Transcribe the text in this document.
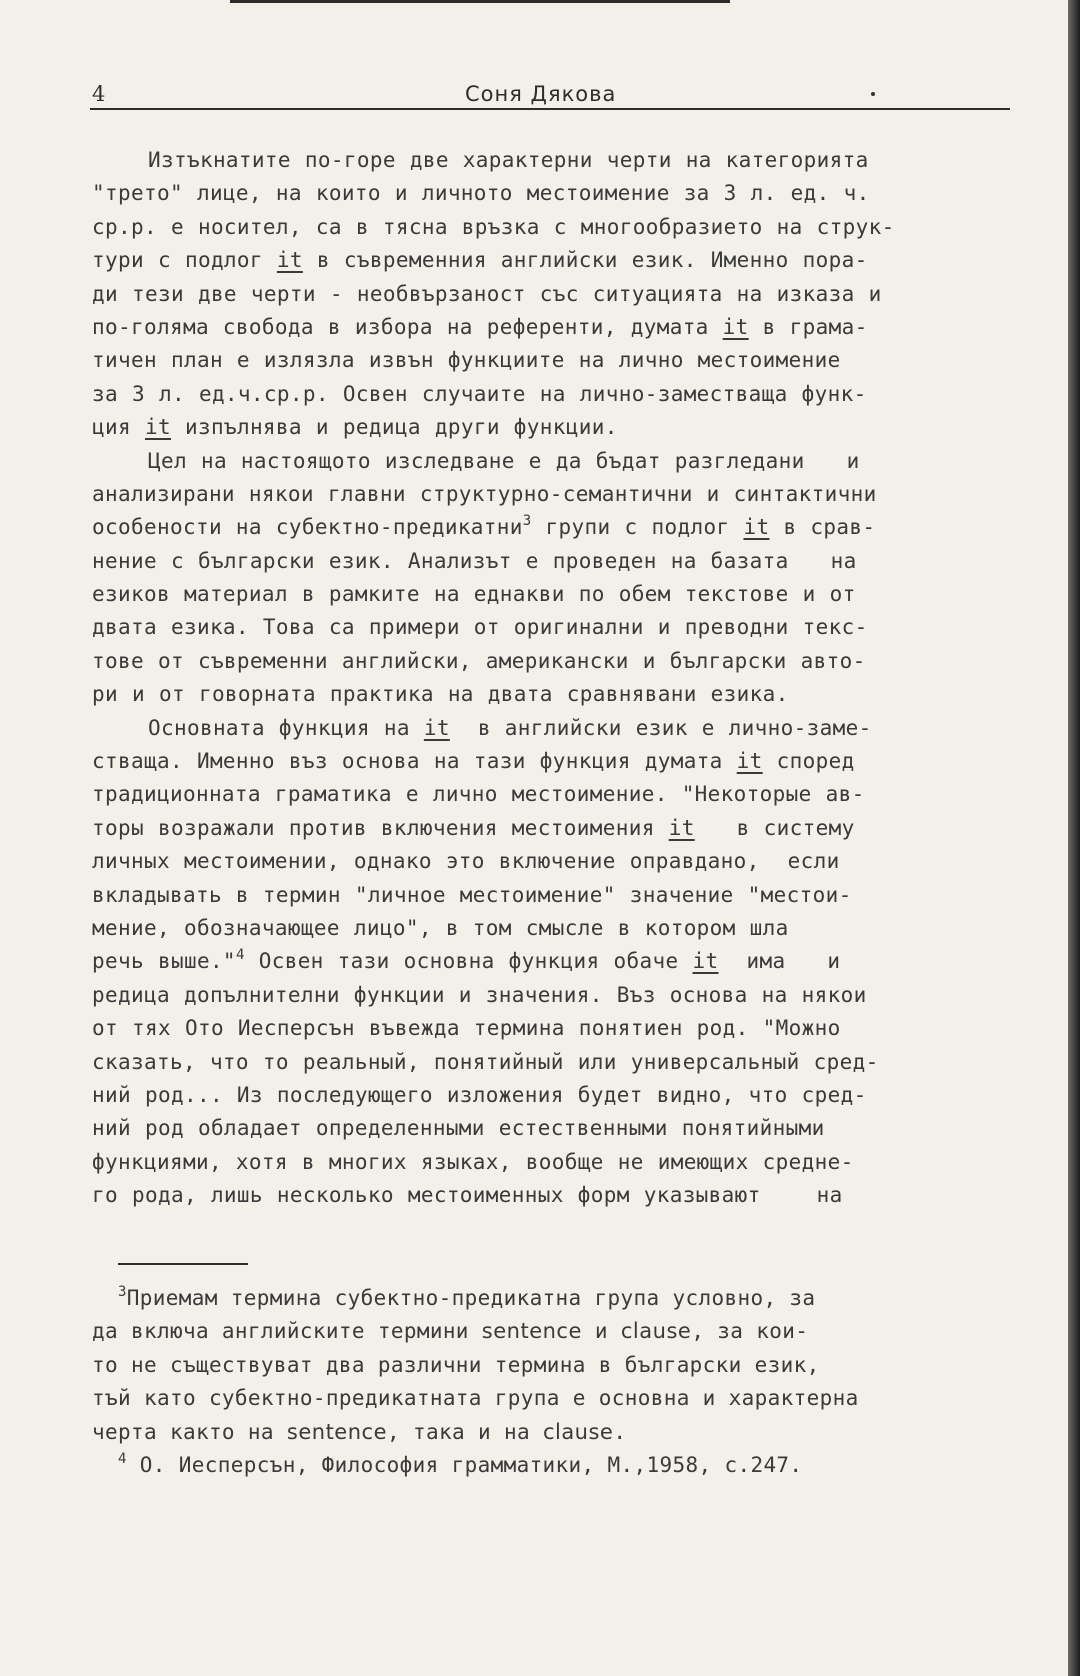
4	Соня Дякова
Изтъкнатите по-горе две характерни черти на категорията
"трето" лице, на които и личното местоимение за 3 л. ед. ч.
ср.р. е носител, са в тясна връзка с многообразието на струк-
тури с подлог it в съвременния английски език. Именно пора-
ди тези две черти - необвързаност със ситуацията на изказа и
по-голяма свобода в избора на референти, думата it в грама-
тичен план е излязла извън функциите на лично местоимение
за 3 л. ед.ч.ср.р. Освен случаите на лично-заместваща функ-
ция it изпълнява и редица други функции.
Цел на настоящото изследване е да бъдат разгледани   и
анализирани някои главни структурно-семантични и синтактични
особености на субектно-предикатни$^3$ групи с подлог it в срав-
нение с български език. Анализът е проведен на базата   на
езиков материал в рамките на еднакви по обем текстове и от
двата езика. Това са примери от оригинални и преводни текс-
тове от съвременни английски, американски и български авто-
ри и от говорната практика на двата сравнявани езика.
Основната функция на it  в английски език е лично-заме-
стваща. Именно въз основа на тази функция думата it според
традиционната граматика е лично местоимение. "Некоторые ав-
торы возражали против включения местоимения it   в систему
личных местоимении, однако это включение оправдано,  если
вкладывать в термин "личное местоимение" значение "местои-
мение, обозначающее лицо", в том смысле в котором шла
речь выше."$^4$ Освен тази основна функция обаче it  има   и
редица допълнителни функции и значения. Въз основа на някои
от тях Ото Иесперсън въвежда термина понятиен род. "Можно
сказать, что то реальный, понятийный или универсальный сред-
ний род... Из последующего изложения будет видно, что сред-
ний род обладает определенными естественными понятийными
функциями, хотя в многих языках, вообще не имеющих средне-
го рода, лишь несколько местоименных форм указывают    на
$^3$Приемам термина субектно-предикатна група условно, за
да включа английските термини sentence и clause, за кои-
то не съществуват два различни термина в български език,
тъй като субектно-предикатната група е основна и характерна
черта както на sentence, така и на clause.
$^4$ О. Иесперсън, Философия грамматики, М.,1958, с.247.
